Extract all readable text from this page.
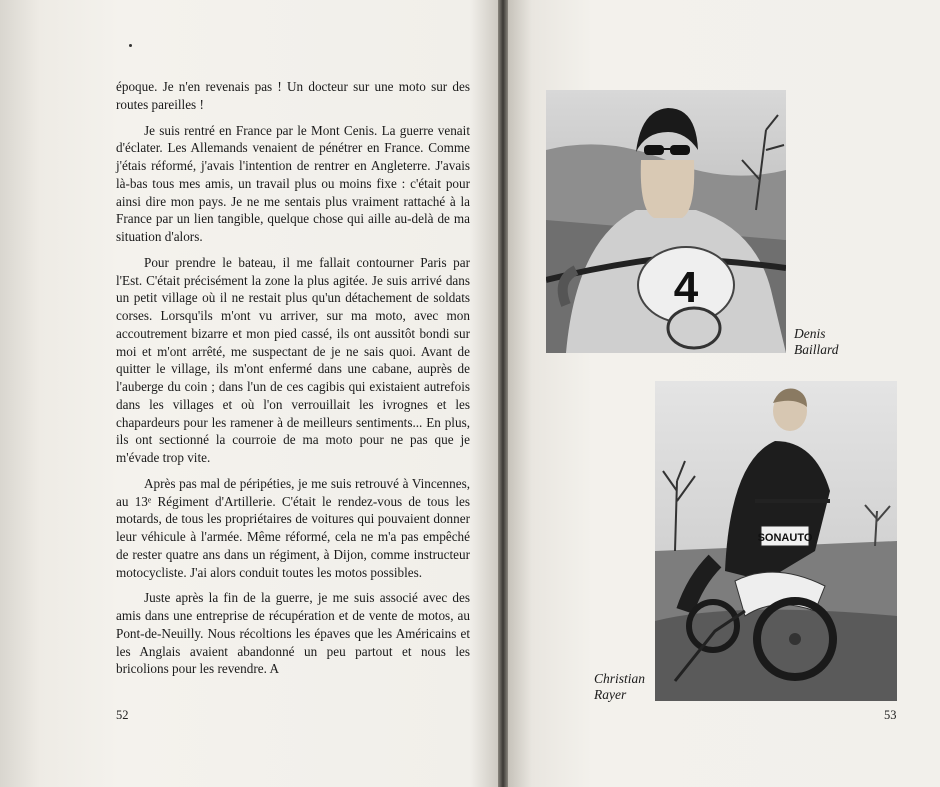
époque. Je n'en revenais pas ! Un docteur sur une moto sur des routes pareilles !

Je suis rentré en France par le Mont Cenis. La guerre venait d'éclater. Les Allemands venaient de pénétrer en France. Comme j'étais réformé, j'avais l'intention de rentrer en Angleterre. J'avais là-bas tous mes amis, un travail plus ou moins fixe : c'était pour ainsi dire mon pays. Je ne me sentais plus vraiment rattaché à la France par un lien tangible, quelque chose qui aille au-delà de ma situation d'alors.

Pour prendre le bateau, il me fallait contourner Paris par l'Est. C'était précisément la zone la plus agitée. Je suis arrivé dans un petit village où il ne restait plus qu'un détachement de soldats corses. Lorsqu'ils m'ont vu arriver, sur ma moto, avec mon accoutrement bizarre et mon pied cassé, ils ont aussitôt bondi sur moi et m'ont arrêté, me suspectant de je ne sais quoi. Avant de quitter le village, ils m'ont enfermé dans une cabane, auprès de l'auberge du coin ; dans l'un de ces cagibis qui existaient autrefois dans les villages et où l'on verrouillait les ivrognes et les chapardeurs pour les ramener à de meilleurs sentiments... En plus, ils ont sectionné la courroie de ma moto pour ne pas que je m'évade trop vite.

Après pas mal de péripéties, je me suis retrouvé à Vincennes, au 13ᵉ Régiment d'Artillerie. C'était le rendez-vous de tous les motards, de tous les propriétaires de voitures qui pouvaient donner leur véhicule à l'armée. Même réformé, cela ne m'a pas empêché de rester quatre ans dans un régiment, à Dijon, comme instructeur motocycliste. J'ai alors conduit toutes les motos possibles.

Juste après la fin de la guerre, je me suis associé avec des amis dans une entreprise de récupération et de vente de motos, au Pont-de-Neuilly. Nous récoltions les épaves que les Américains et les Anglais avaient abandonné un peu partout et nous les bricolions pour les revendre. A

52
4
Denis
Baillard
SONAUTO
Christian
Rayer
53
